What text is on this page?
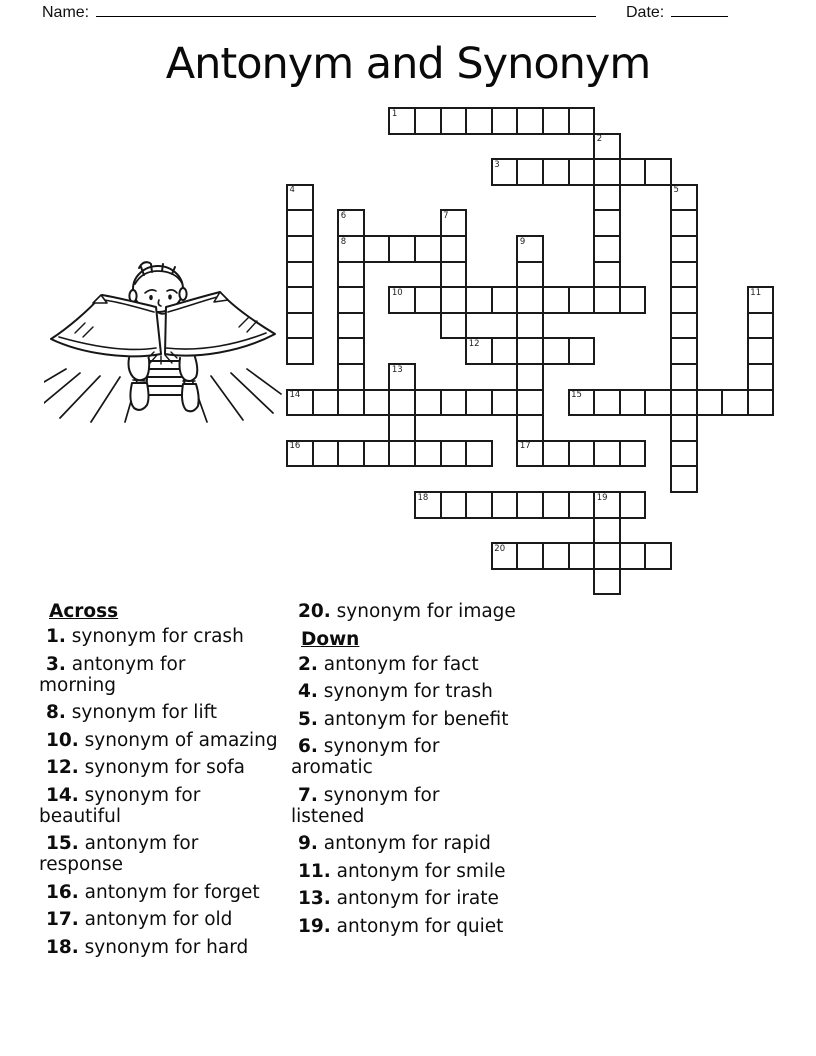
Name:	Date:
Antonym and Synonym
1
2
3
4	5
6	7
8	9
10	11
12
13
14	15
16	17
18	19
20
Across
1. synonym for crash
3. antonym for
morning
8. synonym for lift
10. synonym of amazing
12. synonym for sofa
14. synonym for
beautiful
15. antonym for
response
16. antonym for forget
17. antonym for old
18. synonym for hard
20. synonym for image
Down
2. antonym for fact
4. synonym for trash
5. antonym for benefit
6. synonym for
aromatic
7. synonym for
listened
9. antonym for rapid
11. antonym for smile
13. antonym for irate
19. antonym for quiet
